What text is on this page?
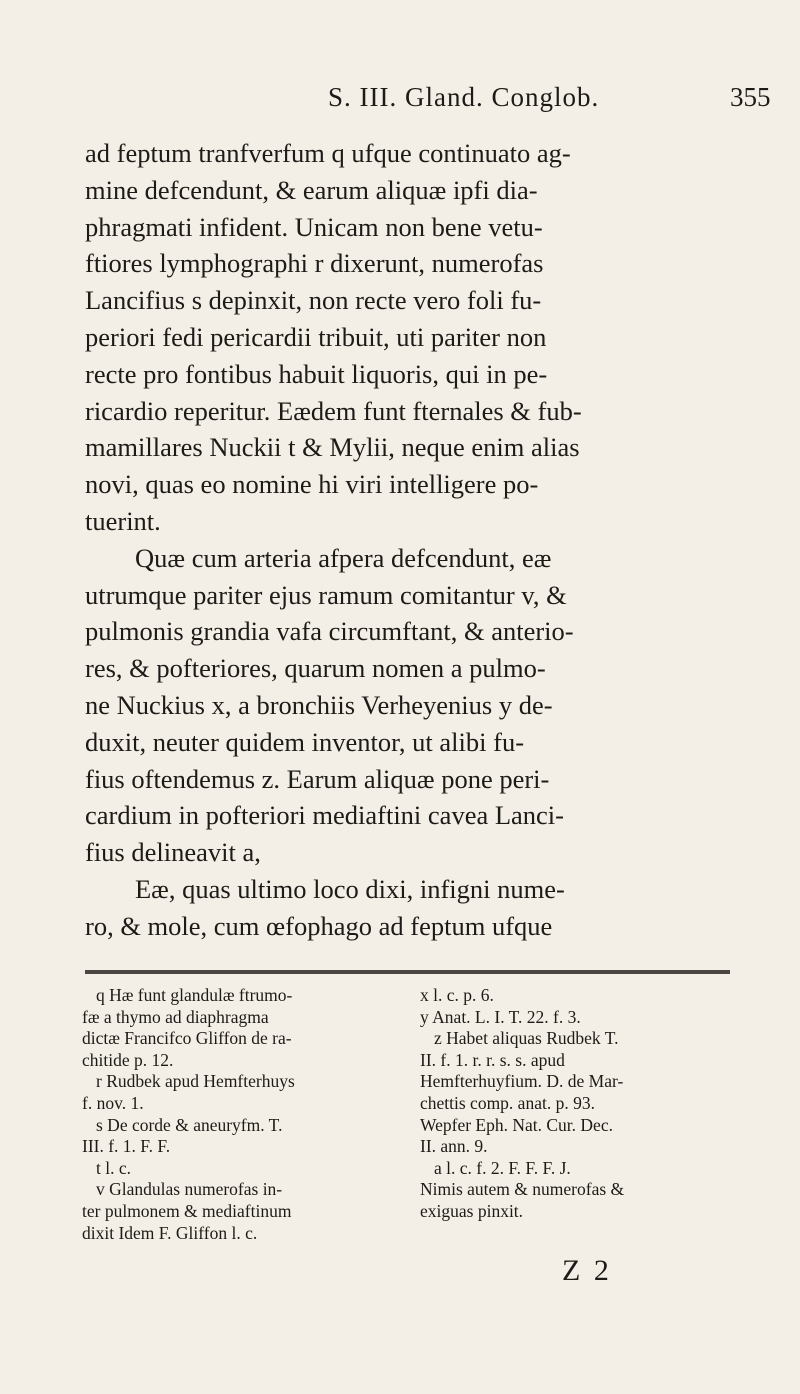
S. III. Gland. Conglob.	355

ad feptum tranfverfum q ufque continuato ag-

mine defcendunt, & earum aliquæ ipfi dia-

phragmati infident. Unicam non bene vetu-

ftiores lymphographi r dixerunt, numerofas

Lancifius s depinxit, non recte vero foli fu-

periori fedi pericardii tribuit, uti pariter non

recte pro fontibus habuit liquoris, qui in pe-

ricardio reperitur. Eædem funt fternales & fub-

mamillares Nuckii t & Mylii, neque enim alias

novi, quas eo nomine hi viri intelligere po-

tuerint.

Quæ cum arteria afpera defcendunt, eæ

utrumque pariter ejus ramum comitantur v, &

pulmonis grandia vafa circumftant, & anterio-

res, & pofteriores, quarum nomen a pulmo-

ne Nuckius x, a bronchiis Verheyenius y de-

duxit, neuter quidem inventor, ut alibi fu-

fius oftendemus z. Earum aliquæ pone peri-

cardium in pofteriori mediaftini cavea Lanci-

fius delineavit a,

Eæ, quas ultimo loco dixi, infigni nume-

ro, & mole, cum œfophago ad feptum ufque

q Hæ funt glandulæ ftrumo-

fæ a thymo ad diaphragma

dictæ Francifco Gliffon de ra-

chitide p. 12.

r Rudbek apud Hemfterhuys

f. nov. 1.

s De corde & aneuryfm. T.

III. f. 1. F. F.

t l. c.

v Glandulas numerofas in-

ter pulmonem & mediaftinum

dixit Idem F. Gliffon l. c.

x l. c. p. 6.

y Anat. L. I. T. 22. f. 3.

z Habet aliquas Rudbek T.

II. f. 1. r. r. s. s. apud

Hemfterhuyfium. D. de Mar-

chettis comp. anat. p. 93.

Wepfer Eph. Nat. Cur. Dec.

II. ann. 9.

a l. c. f. 2. F. F. F. J.

Nimis autem & numerofas &

exiguas pinxit.

Z 2
